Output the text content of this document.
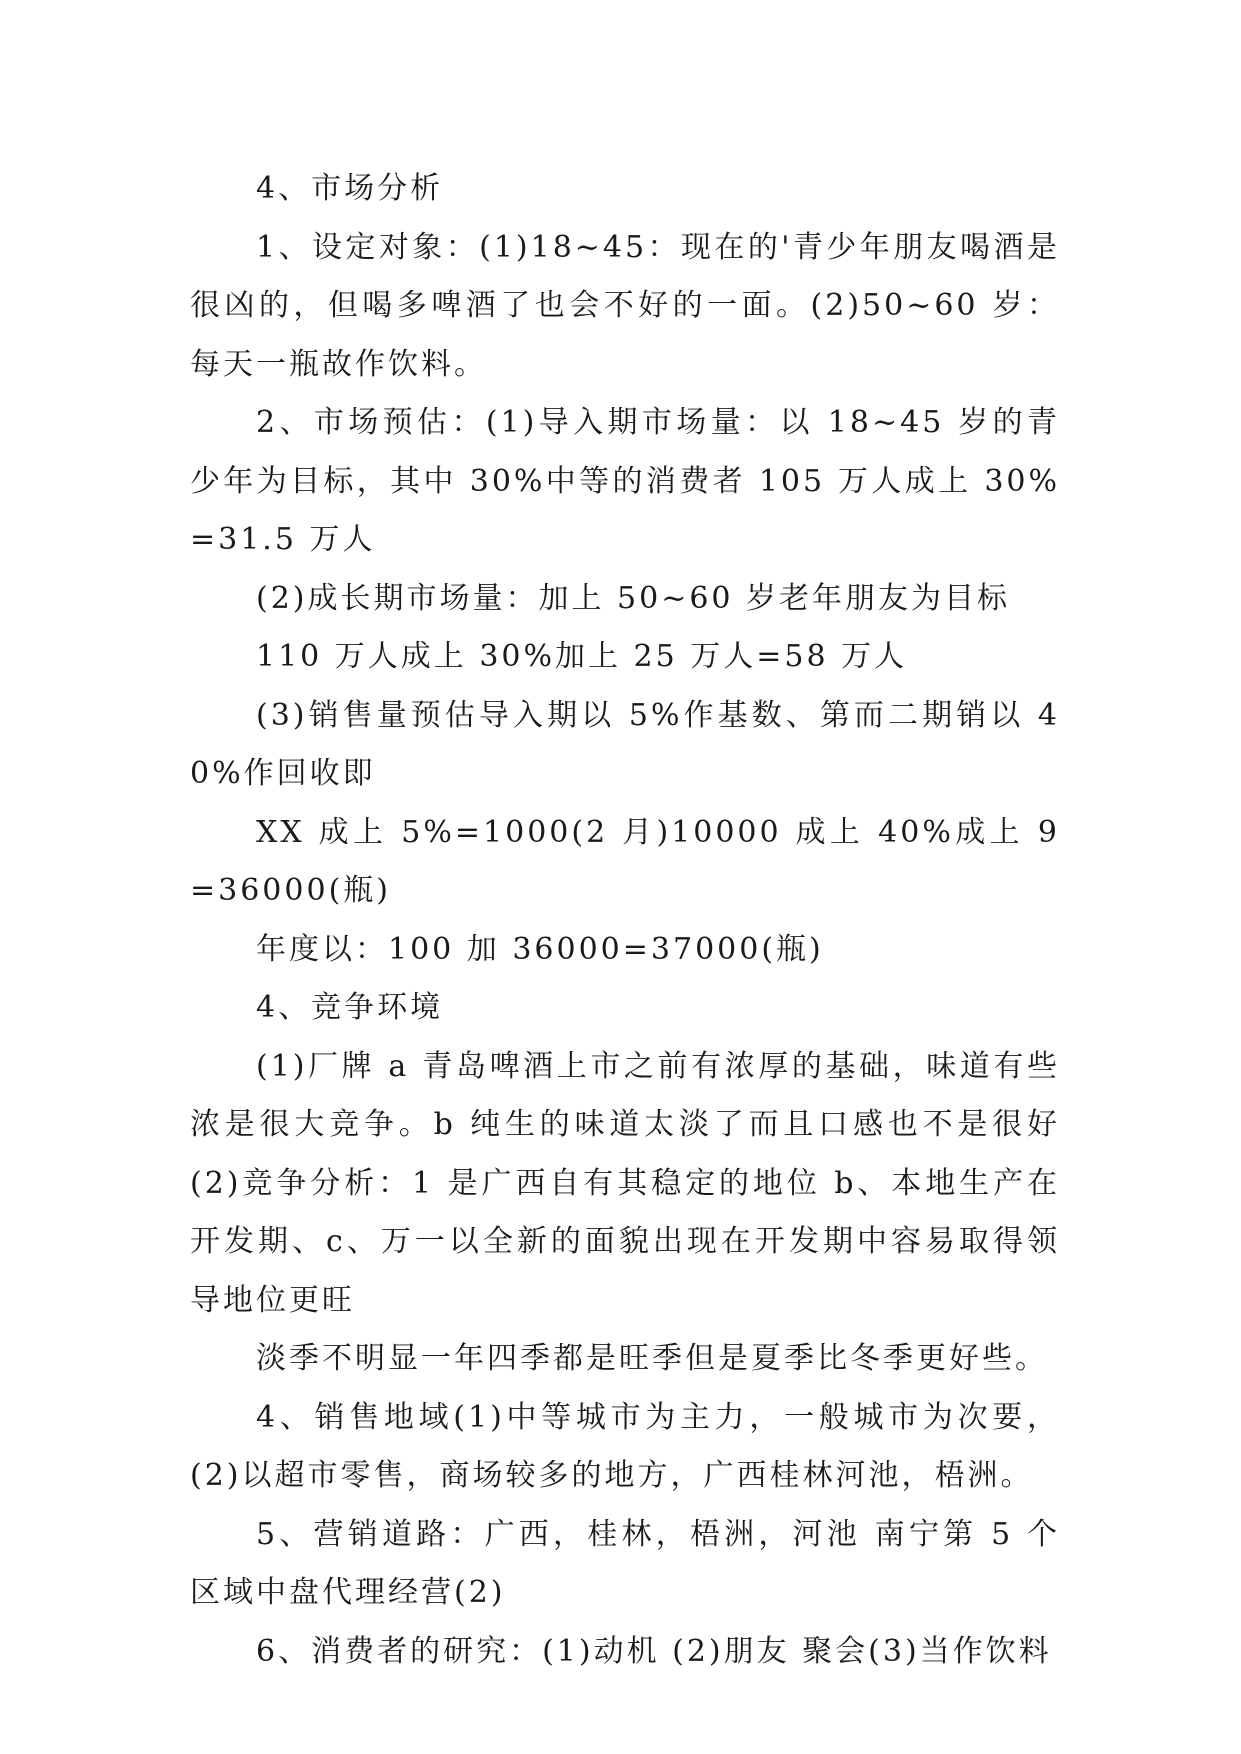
4、市场分析

1、设定对象：(1)18~45：现在的'青少年朋友喝酒是很凶的，但喝多啤酒了也会不好的一面。(2)50~60 岁：每天一瓶故作饮料。

2、市场预估：(1)导入期市场量：以 18~45 岁的青少年为目标，其中 30%中等的消费者 105 万人成上 30%=31.5 万人

(2)成长期市场量：加上 50~60 岁老年朋友为目标

110 万人成上 30%加上 25 万人=58 万人

(3)销售量预估导入期以 5%作基数、第而二期销以 40%作回收即

XX 成上 5%=1000(2 月)10000 成上 40%成上 9=36000(瓶)

年度以：100 加 36000=37000(瓶)

4、竞争环境

(1)厂牌 a 青岛啤酒上市之前有浓厚的基础，味道有些浓是很大竞争。b 纯生的味道太淡了而且口感也不是很好(2)竞争分析：1 是广西自有其稳定的地位 b、本地生产在开发期、c、万一以全新的面貌出现在开发期中容易取得领导地位更旺

淡季不明显一年四季都是旺季但是夏季比冬季更好些。

4、销售地域(1)中等城市为主力，一般城市为次要，(2)以超市零售，商场较多的地方，广西桂林河池，梧洲。

5、营销道路：广西，桂林，梧洲，河池 南宁第 5 个区域中盘代理经营(2)

6、消费者的研究：(1)动机 (2)朋友 聚会(3)当作饮料
